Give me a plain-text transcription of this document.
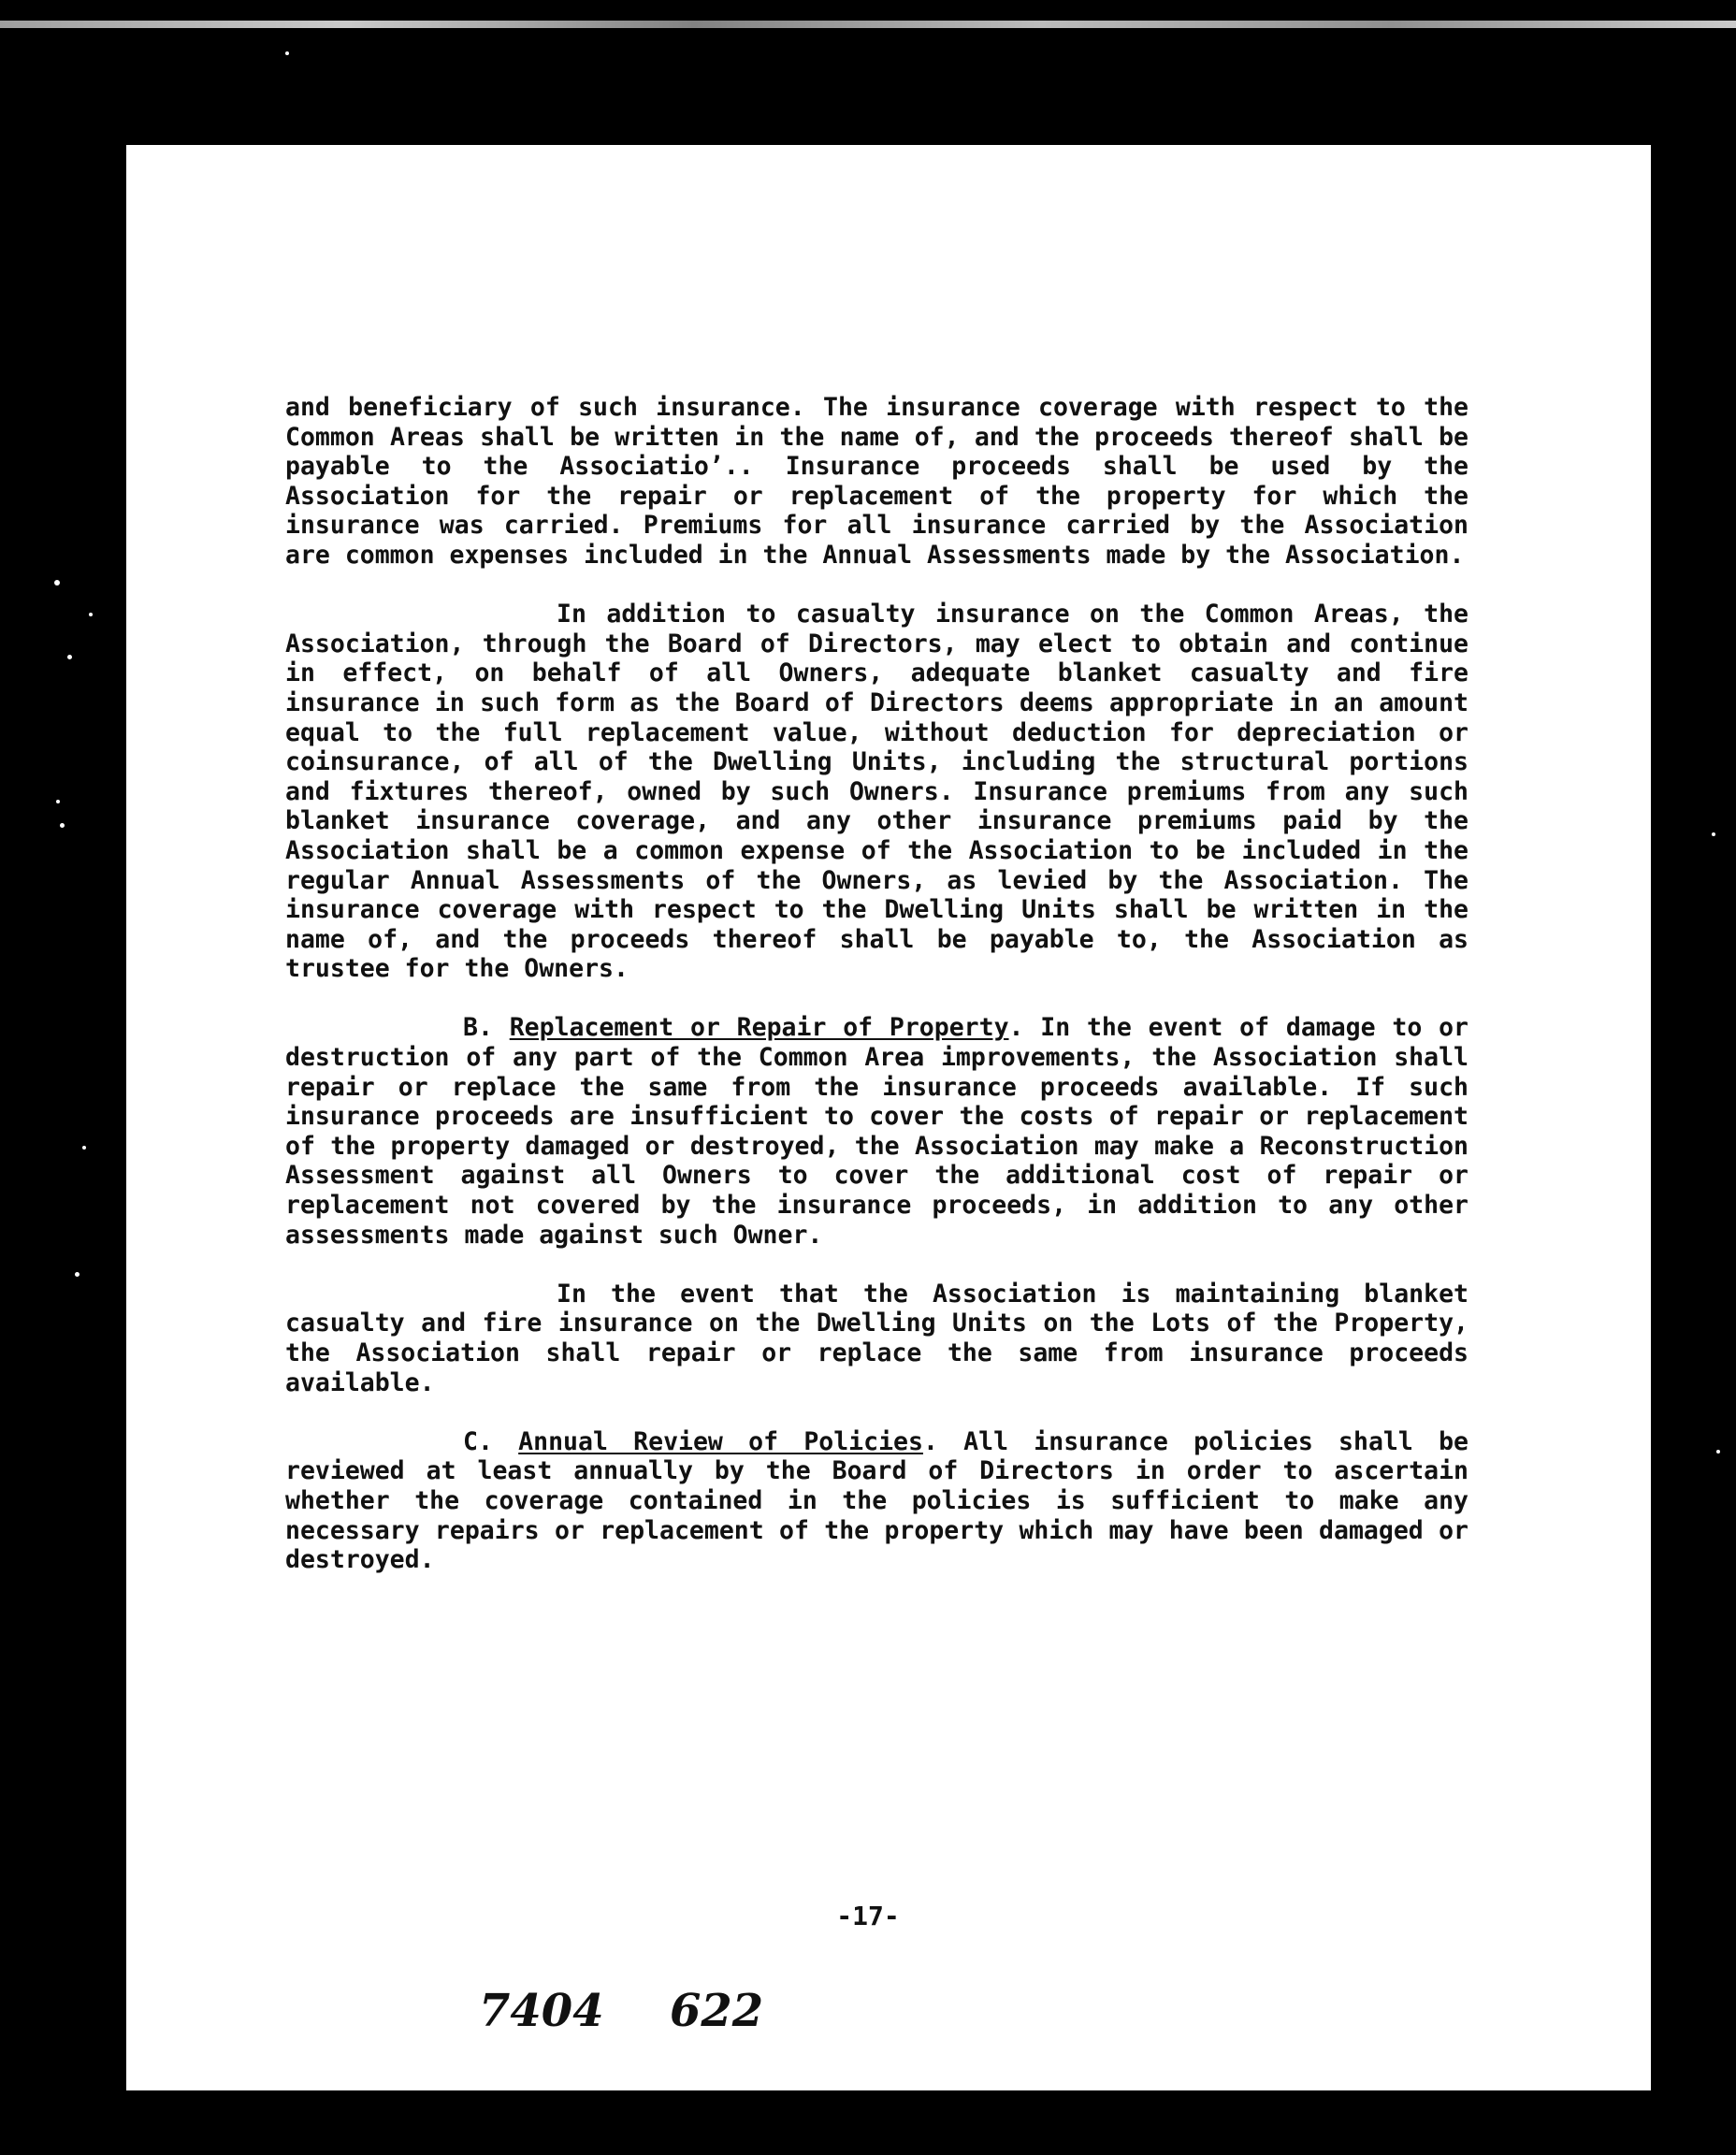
and beneficiary of such insurance. The insurance coverage with respect to the Common Areas shall be written in the name of, and the proceeds thereof shall be payable to the Associatio’.. Insurance proceeds shall be used by the Association for the repair or replacement of the property for which the insurance was carried. Premiums for all insurance carried by the Association are common expenses included in the Annual Assessments made by the Association.

In addition to casualty insurance on the Common Areas, the Association, through the Board of Directors, may elect to obtain and continue in effect, on behalf of all Owners, adequate blanket casualty and fire insurance in such form as the Board of Directors deems appropriate in an amount equal to the full replacement value, without deduction for depreciation or coinsurance, of all of the Dwelling Units, including the structural portions and fixtures thereof, owned by such Owners. Insurance premiums from any such blanket insurance coverage, and any other insurance premiums paid by the Association shall be a common expense of the Association to be included in the regular Annual Assessments of the Owners, as levied by the Association. The insurance coverage with respect to the Dwelling Units shall be written in the name of, and the proceeds thereof shall be payable to, the Association as trustee for the Owners.

B. Replacement or Repair of Property. In the event of damage to or destruction of any part of the Common Area improvements, the Association shall repair or replace the same from the insurance proceeds available. If such insurance proceeds are insufficient to cover the costs of repair or replacement of the property damaged or destroyed, the Association may make a Reconstruction Assessment against all Owners to cover the additional cost of repair or replacement not covered by the insurance proceeds, in addition to any other assessments made against such Owner.

In the event that the Association is maintaining blanket casualty and fire insurance on the Dwelling Units on the Lots of the Property, the Association shall repair or replace the same from insurance proceeds available.

C. Annual Review of Policies. All insurance policies shall be reviewed at least annually by the Board of Directors in order to ascertain whether the coverage contained in the policies is sufficient to make any necessary repairs or replacement of the property which may have been damaged or destroyed.

-17-
7404 622
